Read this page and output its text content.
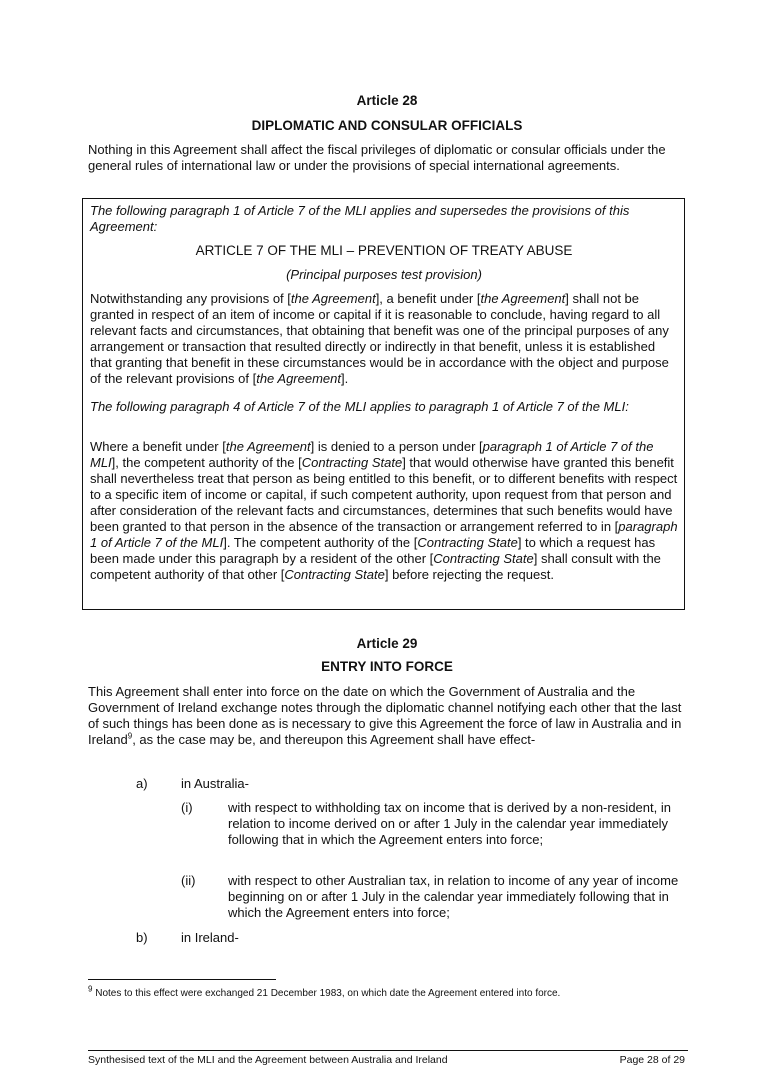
Article 28
DIPLOMATIC AND CONSULAR OFFICIALS
Nothing in this Agreement shall affect the fiscal privileges of diplomatic or consular officials under the general rules of international law or under the provisions of special international agreements.
The following paragraph 1 of Article 7 of the MLI applies and supersedes the provisions of this Agreement:
ARTICLE 7 OF THE MLI – PREVENTION OF TREATY ABUSE
(Principal purposes test provision)
Notwithstanding any provisions of [the Agreement], a benefit under [the Agreement] shall not be granted in respect of an item of income or capital if it is reasonable to conclude, having regard to all relevant facts and circumstances, that obtaining that benefit was one of the principal purposes of any arrangement or transaction that resulted directly or indirectly in that benefit, unless it is established that granting that benefit in these circumstances would be in accordance with the object and purpose of the relevant provisions of [the Agreement].
The following paragraph 4 of Article 7 of the MLI applies to paragraph 1 of Article 7 of the MLI:
Where a benefit under [the Agreement] is denied to a person under [paragraph 1 of Article 7 of the MLI], the competent authority of the [Contracting State] that would otherwise have granted this benefit shall nevertheless treat that person as being entitled to this benefit, or to different benefits with respect to a specific item of income or capital, if such competent authority, upon request from that person and after consideration of the relevant facts and circumstances, determines that such benefits would have been granted to that person in the absence of the transaction or arrangement referred to in [paragraph 1 of Article 7 of the MLI]. The competent authority of the [Contracting State] to which a request has been made under this paragraph by a resident of the other [Contracting State] shall consult with the competent authority of that other [Contracting State] before rejecting the request.
Article 29
ENTRY INTO FORCE
This Agreement shall enter into force on the date on which the Government of Australia and the Government of Ireland exchange notes through the diplomatic channel notifying each other that the last of such things has been done as is necessary to give this Agreement the force of law in Australia and in Ireland$^9$, as the case may be, and thereupon this Agreement shall have effect-
a)	in Australia-
(i)	with respect to withholding tax on income that is derived by a non-resident, in relation to income derived on or after 1 July in the calendar year immediately following that in which the Agreement enters into force;
(ii)	with respect to other Australian tax, in relation to income of any year of income beginning on or after 1 July in the calendar year immediately following that in which the Agreement enters into force;
b)	in Ireland-
$^9$ Notes to this effect were exchanged 21 December 1983, on which date the Agreement entered into force.
Synthesised text of the MLI and the Agreement between Australia and Ireland	Page 28 of 29
